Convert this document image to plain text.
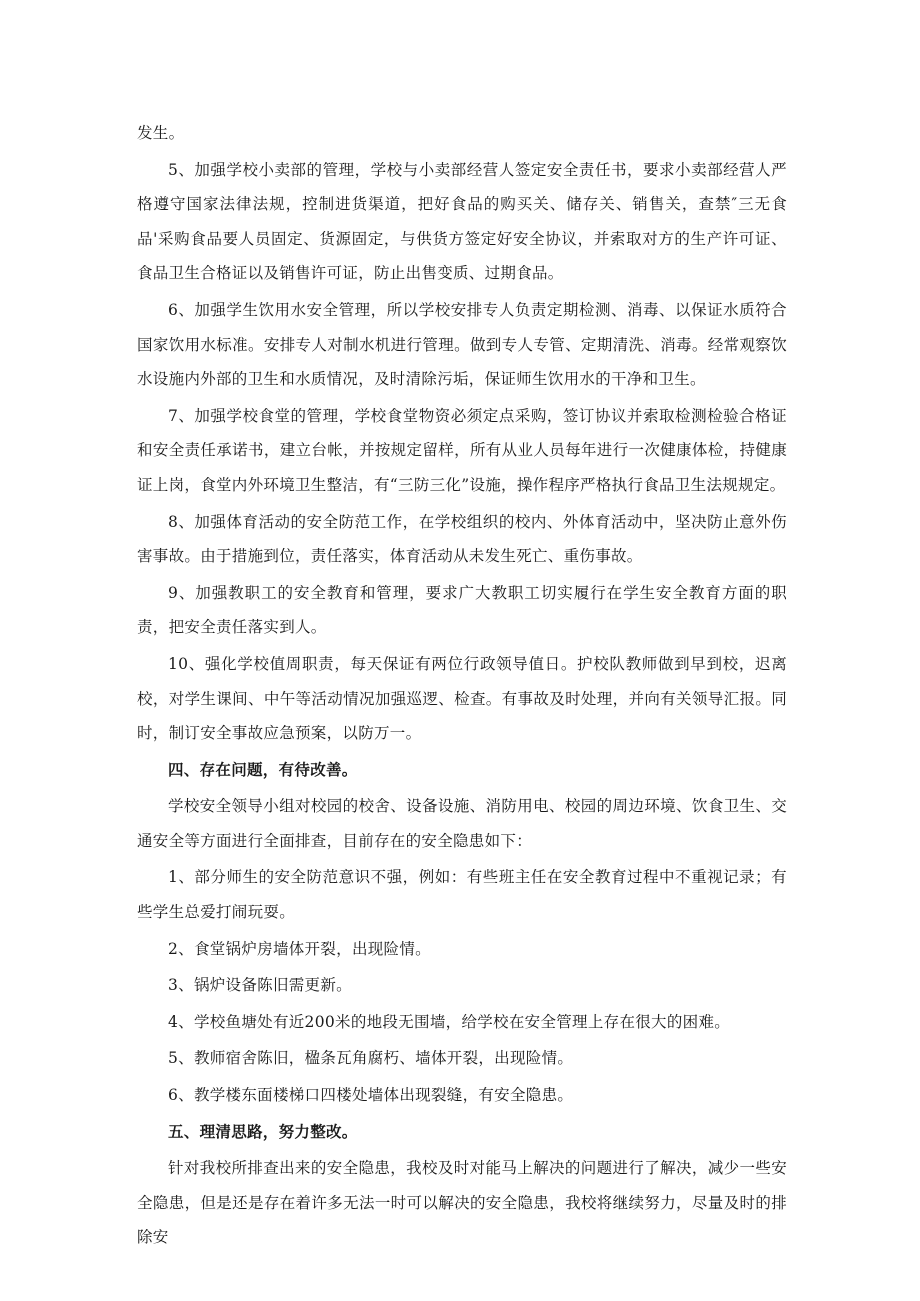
发生。

5、加强学校小卖部的管理，学校与小卖部经营人签定安全责任书，要求小卖部经营人严格遵守国家法律法规，控制进货渠道，把好食品的购买关、储存关、销售关，查禁″三无食品'采购食品要人员固定、货源固定，与供货方签定好安全协议，并索取对方的生产许可证、食品卫生合格证以及销售许可证，防止出售变质、过期食品。

6、加强学生饮用水安全管理，所以学校安排专人负责定期检测、消毒、以保证水质符合国家饮用水标准。安排专人对制水机进行管理。做到专人专管、定期清洗、消毒。经常观察饮水设施内外部的卫生和水质情况，及时清除污垢，保证师生饮用水的干净和卫生。

7、加强学校食堂的管理，学校食堂物资必须定点采购，签订协议并索取检测检验合格证和安全责任承诺书，建立台帐，并按规定留样，所有从业人员每年进行一次健康体检，持健康证上岗，食堂内外环境卫生整洁，有“三防三化”设施，操作程序严格执行食品卫生法规规定。

8、加强体育活动的安全防范工作，在学校组织的校内、外体育活动中，坚决防止意外伤害事故。由于措施到位，责任落实，体育活动从未发生死亡、重伤事故。

9、加强教职工的安全教育和管理，要求广大教职工切实履行在学生安全教育方面的职责，把安全责任落实到人。

10、强化学校值周职责，每天保证有两位行政领导值日。护校队教师做到早到校，迟离校，对学生课间、中午等活动情况加强巡逻、检查。有事故及时处理，并向有关领导汇报。同时，制订安全事故应急预案，以防万一。

四、存在问题，有待改善。

学校安全领导小组对校园的校舍、设备设施、消防用电、校园的周边环境、饮食卫生、交通安全等方面进行全面排查，目前存在的安全隐患如下：

1、部分师生的安全防范意识不强，例如：有些班主任在安全教育过程中不重视记录；有些学生总爱打闹玩耍。

2、食堂锅炉房墙体开裂，出现险情。

3、锅炉设备陈旧需更新。

4、学校鱼塘处有近200米的地段无围墙，给学校在安全管理上存在很大的困难。

5、教师宿舍陈旧，楹条瓦角腐朽、墙体开裂，出现险情。

6、教学楼东面楼梯口四楼处墙体出现裂缝，有安全隐患。

五、理清思路，努力整改。

针对我校所排查出来的安全隐患，我校及时对能马上解决的问题进行了解决，减少一些安全隐患，但是还是存在着许多无法一时可以解决的安全隐患，我校将继续努力，尽量及时的排除安
